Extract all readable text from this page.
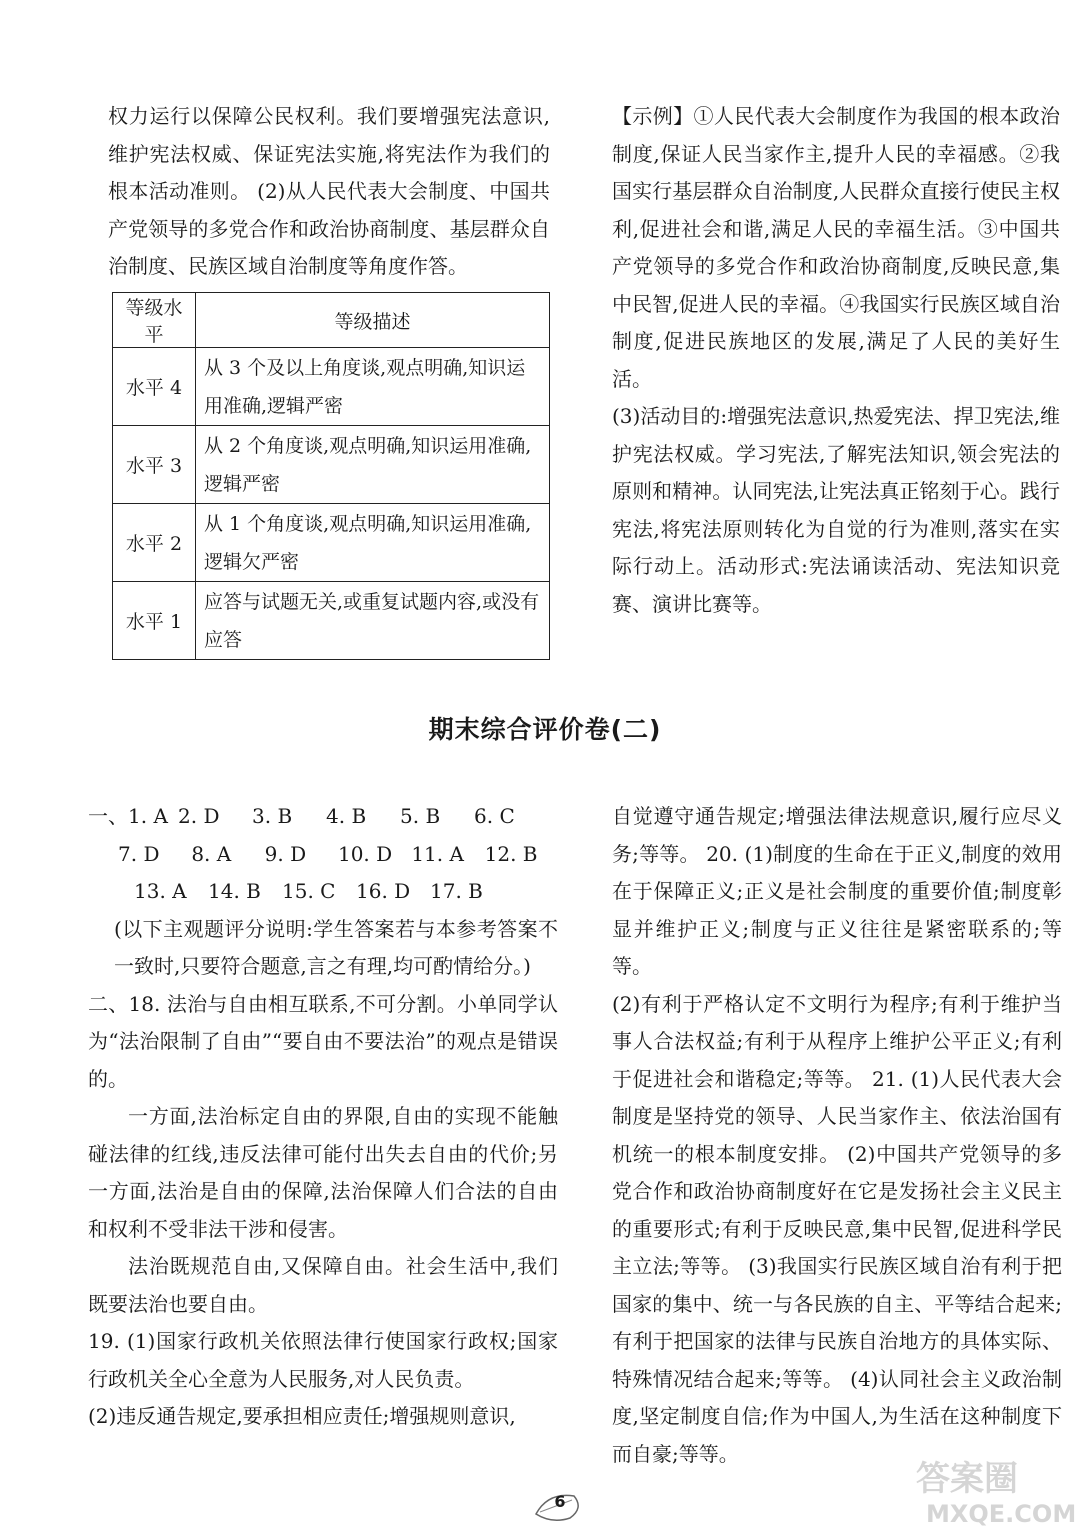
权力运行以保障公民权利。我们要增强宪法意识,维护宪法权威、保证宪法实施,将宪法作为我们的根本活动准则。 (2)从人民代表大会制度、中国共产党领导的多党合作和政治协商制度、基层群众自治制度、民族区域自治制度等角度作答。

等级水平	等级描述
水平 4	从 3 个及以上角度谈,观点明确,知识运用准确,逻辑严密
水平 3	从 2 个角度谈,观点明确,知识运用准确,逻辑严密
水平 2	从 1 个角度谈,观点明确,知识运用准确,逻辑欠严密
水平 1	应答与试题无关,或重复试题内容,或没有应答

【示例】①人民代表大会制度作为我国的根本政治制度,保证人民当家作主,提升人民的幸福感。②我国实行基层群众自治制度,人民群众直接行使民主权利,促进社会和谐,满足人民的幸福生活。③中国共产党领导的多党合作和政治协商制度,反映民意,集中民智,促进人民的幸福。④我国实行民族区域自治制度,促进民族地区的发展,满足了人民的美好生活。

(3)活动目的:增强宪法意识,热爱宪法、捍卫宪法,维护宪法权威。学习宪法,了解宪法知识,领会宪法的原则和精神。认同宪法,让宪法真正铭刻于心。践行宪法,将宪法原则转化为自觉的行为准则,落实在实际行动上。活动形式:宪法诵读活动、宪法知识竞赛、演讲比赛等。

期末综合评价卷(二)
一、1. A 2. D	3. B	4. B	5. B	6. C
7. D	8. A	9. D	10. D 11. A	12. B
13. A	14. B	15. C	16. D 17. B

(以下主观题评分说明:学生答案若与本参考答案不一致时,只要符合题意,言之有理,均可酌情给分。)

二、18. 法治与自由相互联系,不可分割。小单同学认为“法治限制了自由”“要自由不要法治”的观点是错误的。

一方面,法治标定自由的界限,自由的实现不能触碰法律的红线,违反法律可能付出失去自由的代价;另一方面,法治是自由的保障,法治保障人们合法的自由和权利不受非法干涉和侵害。

法治既规范自由,又保障自由。社会生活中,我们既要法治也要自由。

19. (1)国家行政机关依照法律行使国家行政权;国家行政机关全心全意为人民服务,对人民负责。

(2)违反通告规定,要承担相应责任;增强规则意识,

自觉遵守通告规定;增强法律法规意识,履行应尽义务;等等。 20. (1)制度的生命在于正义,制度的效用在于保障正义;正义是社会制度的重要价值;制度彰显并维护正义;制度与正义往往是紧密联系的;等等。

(2)有利于严格认定不文明行为程序;有利于维护当事人合法权益;有利于从程序上维护公平正义;有利于促进社会和谐稳定;等等。 21. (1)人民代表大会制度是坚持党的领导、人民当家作主、依法治国有机统一的根本制度安排。 (2)中国共产党领导的多党合作和政治协商制度好在它是发扬社会主义民主的重要形式;有利于反映民意,集中民智,促进科学民主立法;等等。 (3)我国实行民族区域自治有利于把国家的集中、统一与各民族的自主、平等结合起来;有利于把国家的法律与民族自治地方的具体实际、特殊情况结合起来;等等。 (4)认同社会主义政治制度,坚定制度自信;作为中国人,为生活在这种制度下而自豪;等等。

6
答案圈
MXQE.COM
